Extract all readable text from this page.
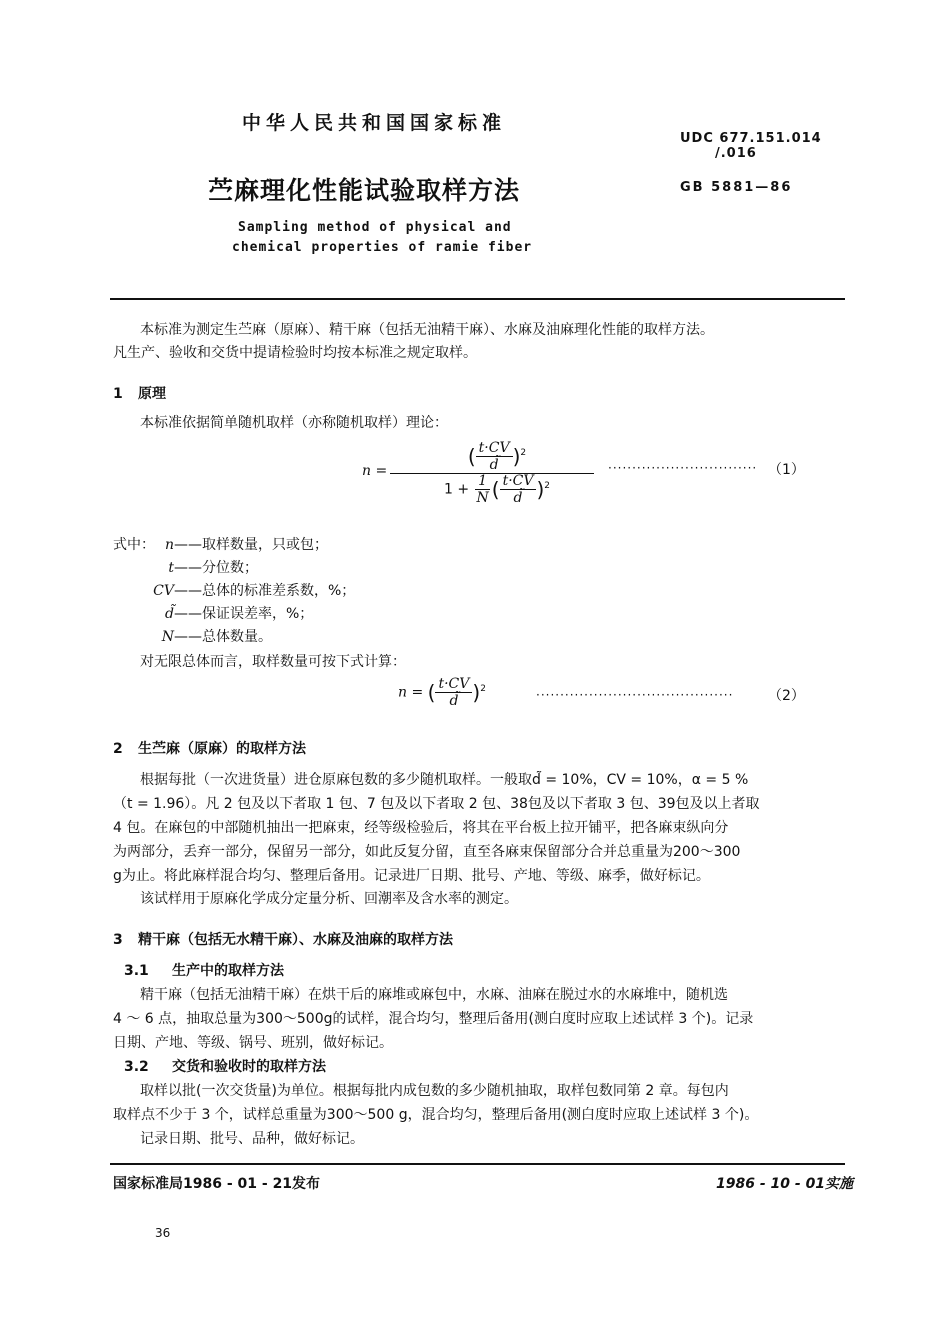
中华人民共和国国家标准
UDC 677.151.014
/.016
苎麻理化性能试验取样方法	GB 5881—86
Sampling method of physical and
chemical properties of ramie fiber
本标准为测定生苎麻（原麻）、精干麻（包括无油精干麻）、水麻及油麻理化性能的取样方法。
凡生产、验收和交货中提请检验时均按本标准之规定取样。
1 原理
本标准依据简单随机取样（亦称随机取样）理论：
n =
( $\frac{t\cdot CV}{d̃} )^2$
$1 + \frac{1}{N}$ ( $\frac{t\cdot CV}{d̃} )^2$
······························· （1）
式中： n——取样数量，只或包；
t——分位数；
CV——总体的标准差系数，%；
d̃——保证误差率，%；
N——总体数量。
对无限总体而言，取样数量可按下式计算：
n = ( $\frac{t\cdot CV}{d̃} )^2$	········································· （2）
2 生苎麻（原麻）的取样方法
根据每批（一次进货量）进仓原麻包数的多少随机取样。一般取d̃ = 10%，CV = 10%，α = 5 %
（t = 1.96）。凡 2 包及以下者取 1 包、7 包及以下者取 2 包、38包及以下者取 3 包、39包及以上者取
4 包。在麻包的中部随机抽出一把麻束，经等级检验后，将其在平台板上拉开铺平，把各麻束纵向分
为两部分，丢弃一部分，保留另一部分，如此反复分留，直至各麻束保留部分合并总重量为200～300
g为止。将此麻样混合均匀、整理后备用。记录进厂日期、批号、产地、等级、麻季，做好标记。
该试样用于原麻化学成分定量分析、回潮率及含水率的测定。
3 精干麻（包括无水精干麻）、水麻及油麻的取样方法
3.1 生产中的取样方法
精干麻（包括无油精干麻）在烘干后的麻堆或麻包中，水麻、油麻在脱过水的水麻堆中，随机选
4 ～ 6 点，抽取总量为300～500g的试样，混合均匀，整理后备用(测白度时应取上述试样 3 个)。记录
日期、产地、等级、锅号、班别，做好标记。
3.2 交货和验收时的取样方法
取样以批(一次交货量)为单位。根据每批内成包数的多少随机抽取，取样包数同第 2 章。每包内
取样点不少于 3 个，试样总重量为300～500 g，混合均匀，整理后备用(测白度时应取上述试样 3 个)。
记录日期、批号、品种，做好标记。
国家标准局1986 - 01 - 21发布	1986 - 10 - 01实施
36
